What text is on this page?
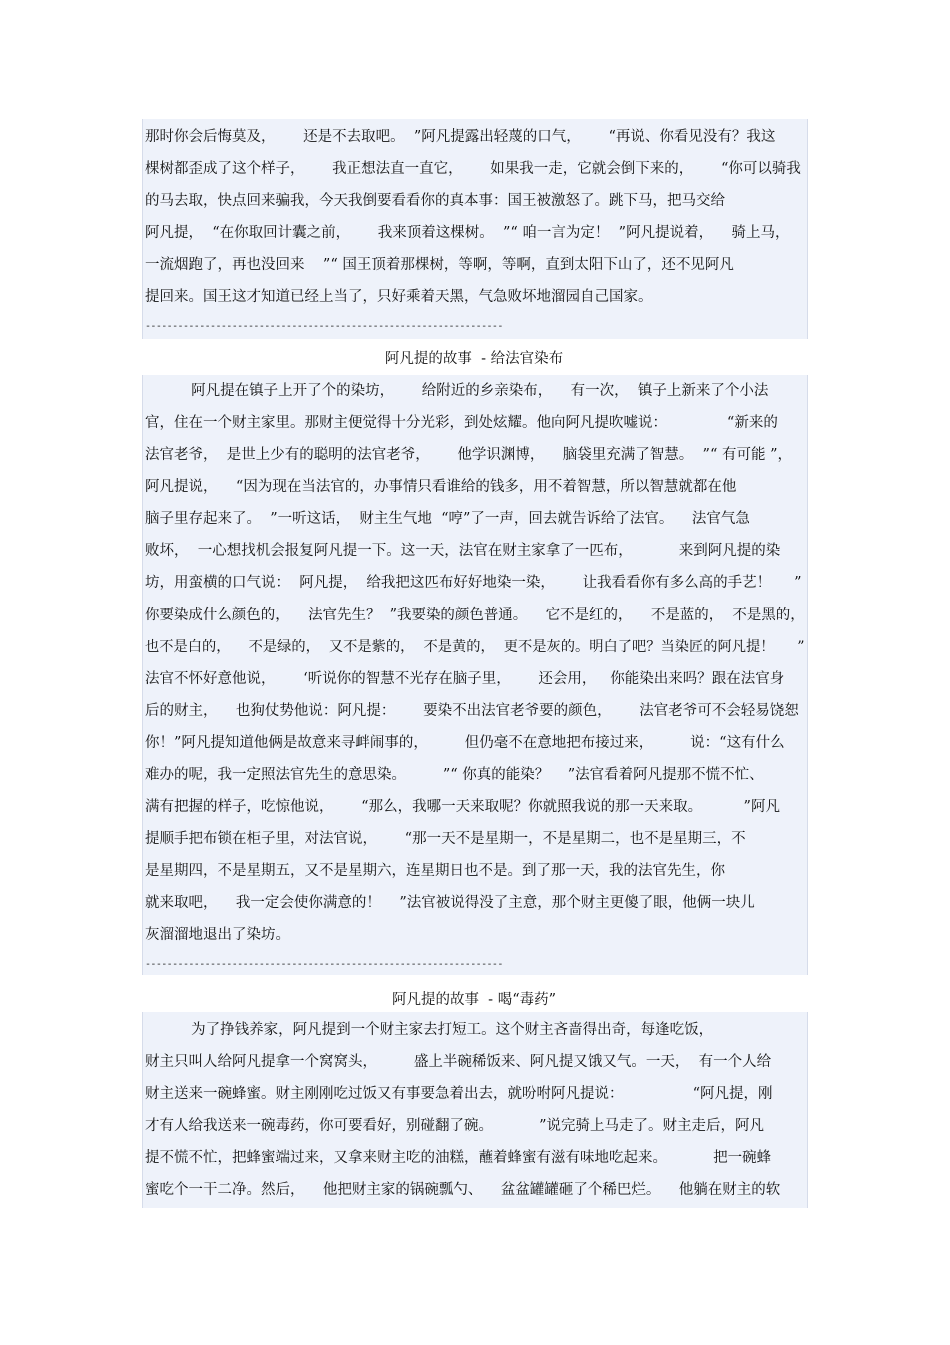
那时你会后悔莫及，      还是不去取吧。  ”阿凡提露出轻蔑的口气，      “再说、你看见没有？我这
棵树都歪成了这个样子，      我正想法直一直它，      如果我一走，它就会倒下来的，      “你可以骑我
的马去取，快点回来骗我，今天我倒要看看你的真本事：国王被激怒了。跳下马，把马交给
阿凡提，  “在你取回计囊之前，      我来顶着这棵树。  ”“ 咱一言为定！  ”阿凡提说着，    骑上马，
一流烟跑了，再也没回来    ”“ 国王顶着那棵树，等啊，等啊，直到太阳下山了，还不见阿凡
提回来。国王这才知道已经上当了，只好乘着天黑，气急败坏地溜园自己国家。
------------------------------------------------------------------
阿凡提的故事  - 给法官染布
阿凡提在镇子上开了个的染坊，      给附近的乡亲染布，    有一次，  镇子上新来了个小法
官，住在一个财主家里。那财主便觉得十分光彩，到处炫耀。他向阿凡提吹嘘说：             “新来的
法官老爷，  是世上少有的聪明的法官老爷，      他学识渊博，    脑袋里充满了智慧。  ”“ 有可能 ”，
阿凡提说，    “因为现在当法官的，办事情只看谁给的钱多，用不着智慧，所以智慧就都在他
脑子里存起来了。  ”一听这话，  财主生气地  “哼”了一声，回去就告诉给了法官。    法官气急
败坏，  一心想找机会报复阿凡提一下。这一天，法官在财主家拿了一匹布，          来到阿凡提的染
坊，用蛮横的口气说：  阿凡提，  给我把这匹布好好地染一染，      让我看看你有多么高的手艺！     ”
你要染成什么颜色的，    法官先生？  ”我要染的颜色普通。    它不是红的，    不是蓝的，  不是黑的，
也不是白的，    不是绿的，  又不是紫的，  不是黄的，  更不是灰的。明白了吧？当染匠的阿凡提！     ”
法官不怀好意他说，      ‘听说你的智慧不光存在脑子里，      还会用，   你能染出来吗？跟在法官身
后的财主，    也狗仗势他说：阿凡提：      要染不出法官老爷要的颜色，      法官老爷可不会轻易饶恕
你！”阿凡提知道他俩是故意来寻衅闹事的，        但仍毫不在意地把布接过来，        说：“这有什么
难办的呢，我一定照法官先生的意思染。        ”“ 你真的能染？    ”法官看着阿凡提那不慌不忙、
满有把握的样子，吃惊他说，      “那么，我哪一天来取呢？你就照我说的那一天来取。         ”阿凡
提顺手把布锁在柜子里，对法官说，      “那一天不是星期一，不是星期二，也不是星期三，不
是星期四，不是星期五，又不是星期六，连星期日也不是。到了那一天，我的法官先生，你
就来取吧，    我一定会使你满意的！    ”法官被说得没了主意，那个财主更傻了眼，他俩一块儿
灰溜溜地退出了染坊。
------------------------------------------------------------------
阿凡提的故事  - 喝“毒药”
为了挣钱养家，阿凡提到一个财主家去打短工。这个财主吝啬得出奇，每逢吃饭，
财主只叫人给阿凡提拿一个窝窝头，        盛上半碗稀饭来、阿凡提又饿又气。一天，  有一个人给
财主送来一碗蜂蜜。财主刚刚吃过饭又有事要急着出去，就吩咐阿凡提说：               “阿凡提，刚
才有人给我送来一碗毒药，你可要看好，别碰翻了碗。          ”说完骑上马走了。财主走后，阿凡
提不慌不忙，把蜂蜜端过来，又拿来财主吃的油糕，蘸着蜂蜜有滋有味地吃起来。          把一碗蜂
蜜吃个一干二净。然后，    他把财主家的锅碗瓢勺、    盆盆罐罐砸了个稀巴烂。    他躺在财主的软
